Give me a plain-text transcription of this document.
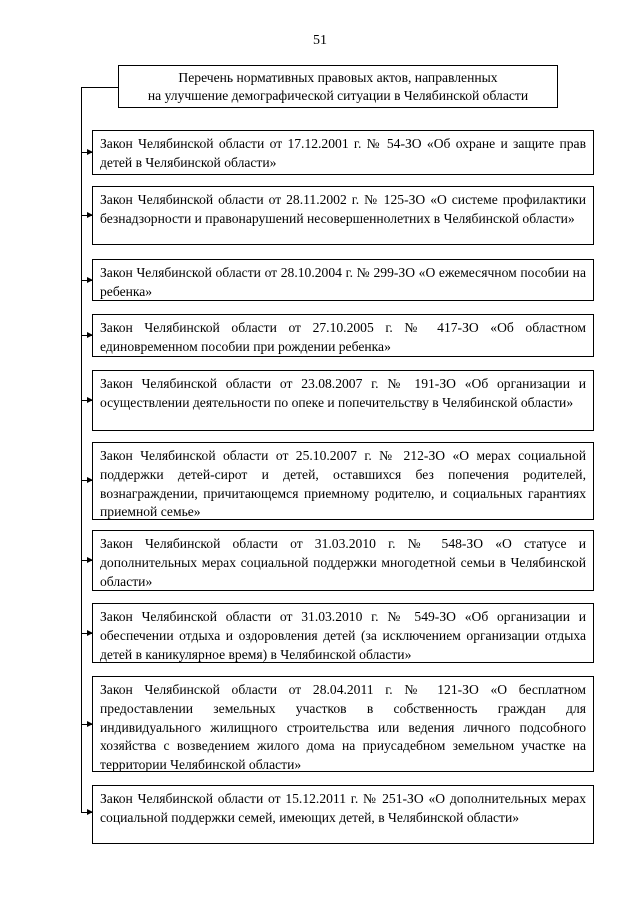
51
Перечень нормативных правовых актов, направленных
на улучшение демографической ситуации в Челябинской области
Закон Челябинской области от 17.12.2001 г. № 54-ЗО «Об охране и защите прав детей в Челябинской области»
Закон Челябинской области от 28.11.2002 г. № 125-ЗО «О системе профилактики безнадзорности и правонарушений несовершеннолетних в Челябинской области»
Закон Челябинской области от 28.10.2004 г. № 299-ЗО «О ежемесячном пособии на ребенка»
Закон Челябинской области от 27.10.2005 г. № 417-ЗО «Об областном единовременном пособии при рождении ребенка»
Закон Челябинской области от 23.08.2007 г. № 191-ЗО «Об организации и осуществлении деятельности по опеке и попечительству в Челябинской области»
Закон Челябинской области от 25.10.2007 г. № 212-ЗО «О мерах социальной поддержки детей-сирот и детей, оставшихся без попечения родителей, вознаграждении, причитающемся приемному родителю, и социальных гарантиях приемной семье»
Закон Челябинской области от 31.03.2010 г. № 548-ЗО «О статусе и дополнительных мерах социальной поддержки многодетной семьи в Челябинской области»
Закон Челябинской области от 31.03.2010 г. № 549-ЗО «Об организации и обеспечении отдыха и оздоровления детей (за исключением организации отдыха детей в каникулярное время) в Челябинской области»
Закон Челябинской области от 28.04.2011 г. № 121-ЗО «О бесплатном предоставлении земельных участков в собственность граждан для индивидуального жилищного строительства или ведения личного подсобного хозяйства с возведением жилого дома на приусадебном земельном участке на территории Челябинской области»
Закон Челябинской области от 15.12.2011 г. № 251-ЗО «О дополнительных мерах социальной поддержки семей, имеющих детей, в Челябинской области»
